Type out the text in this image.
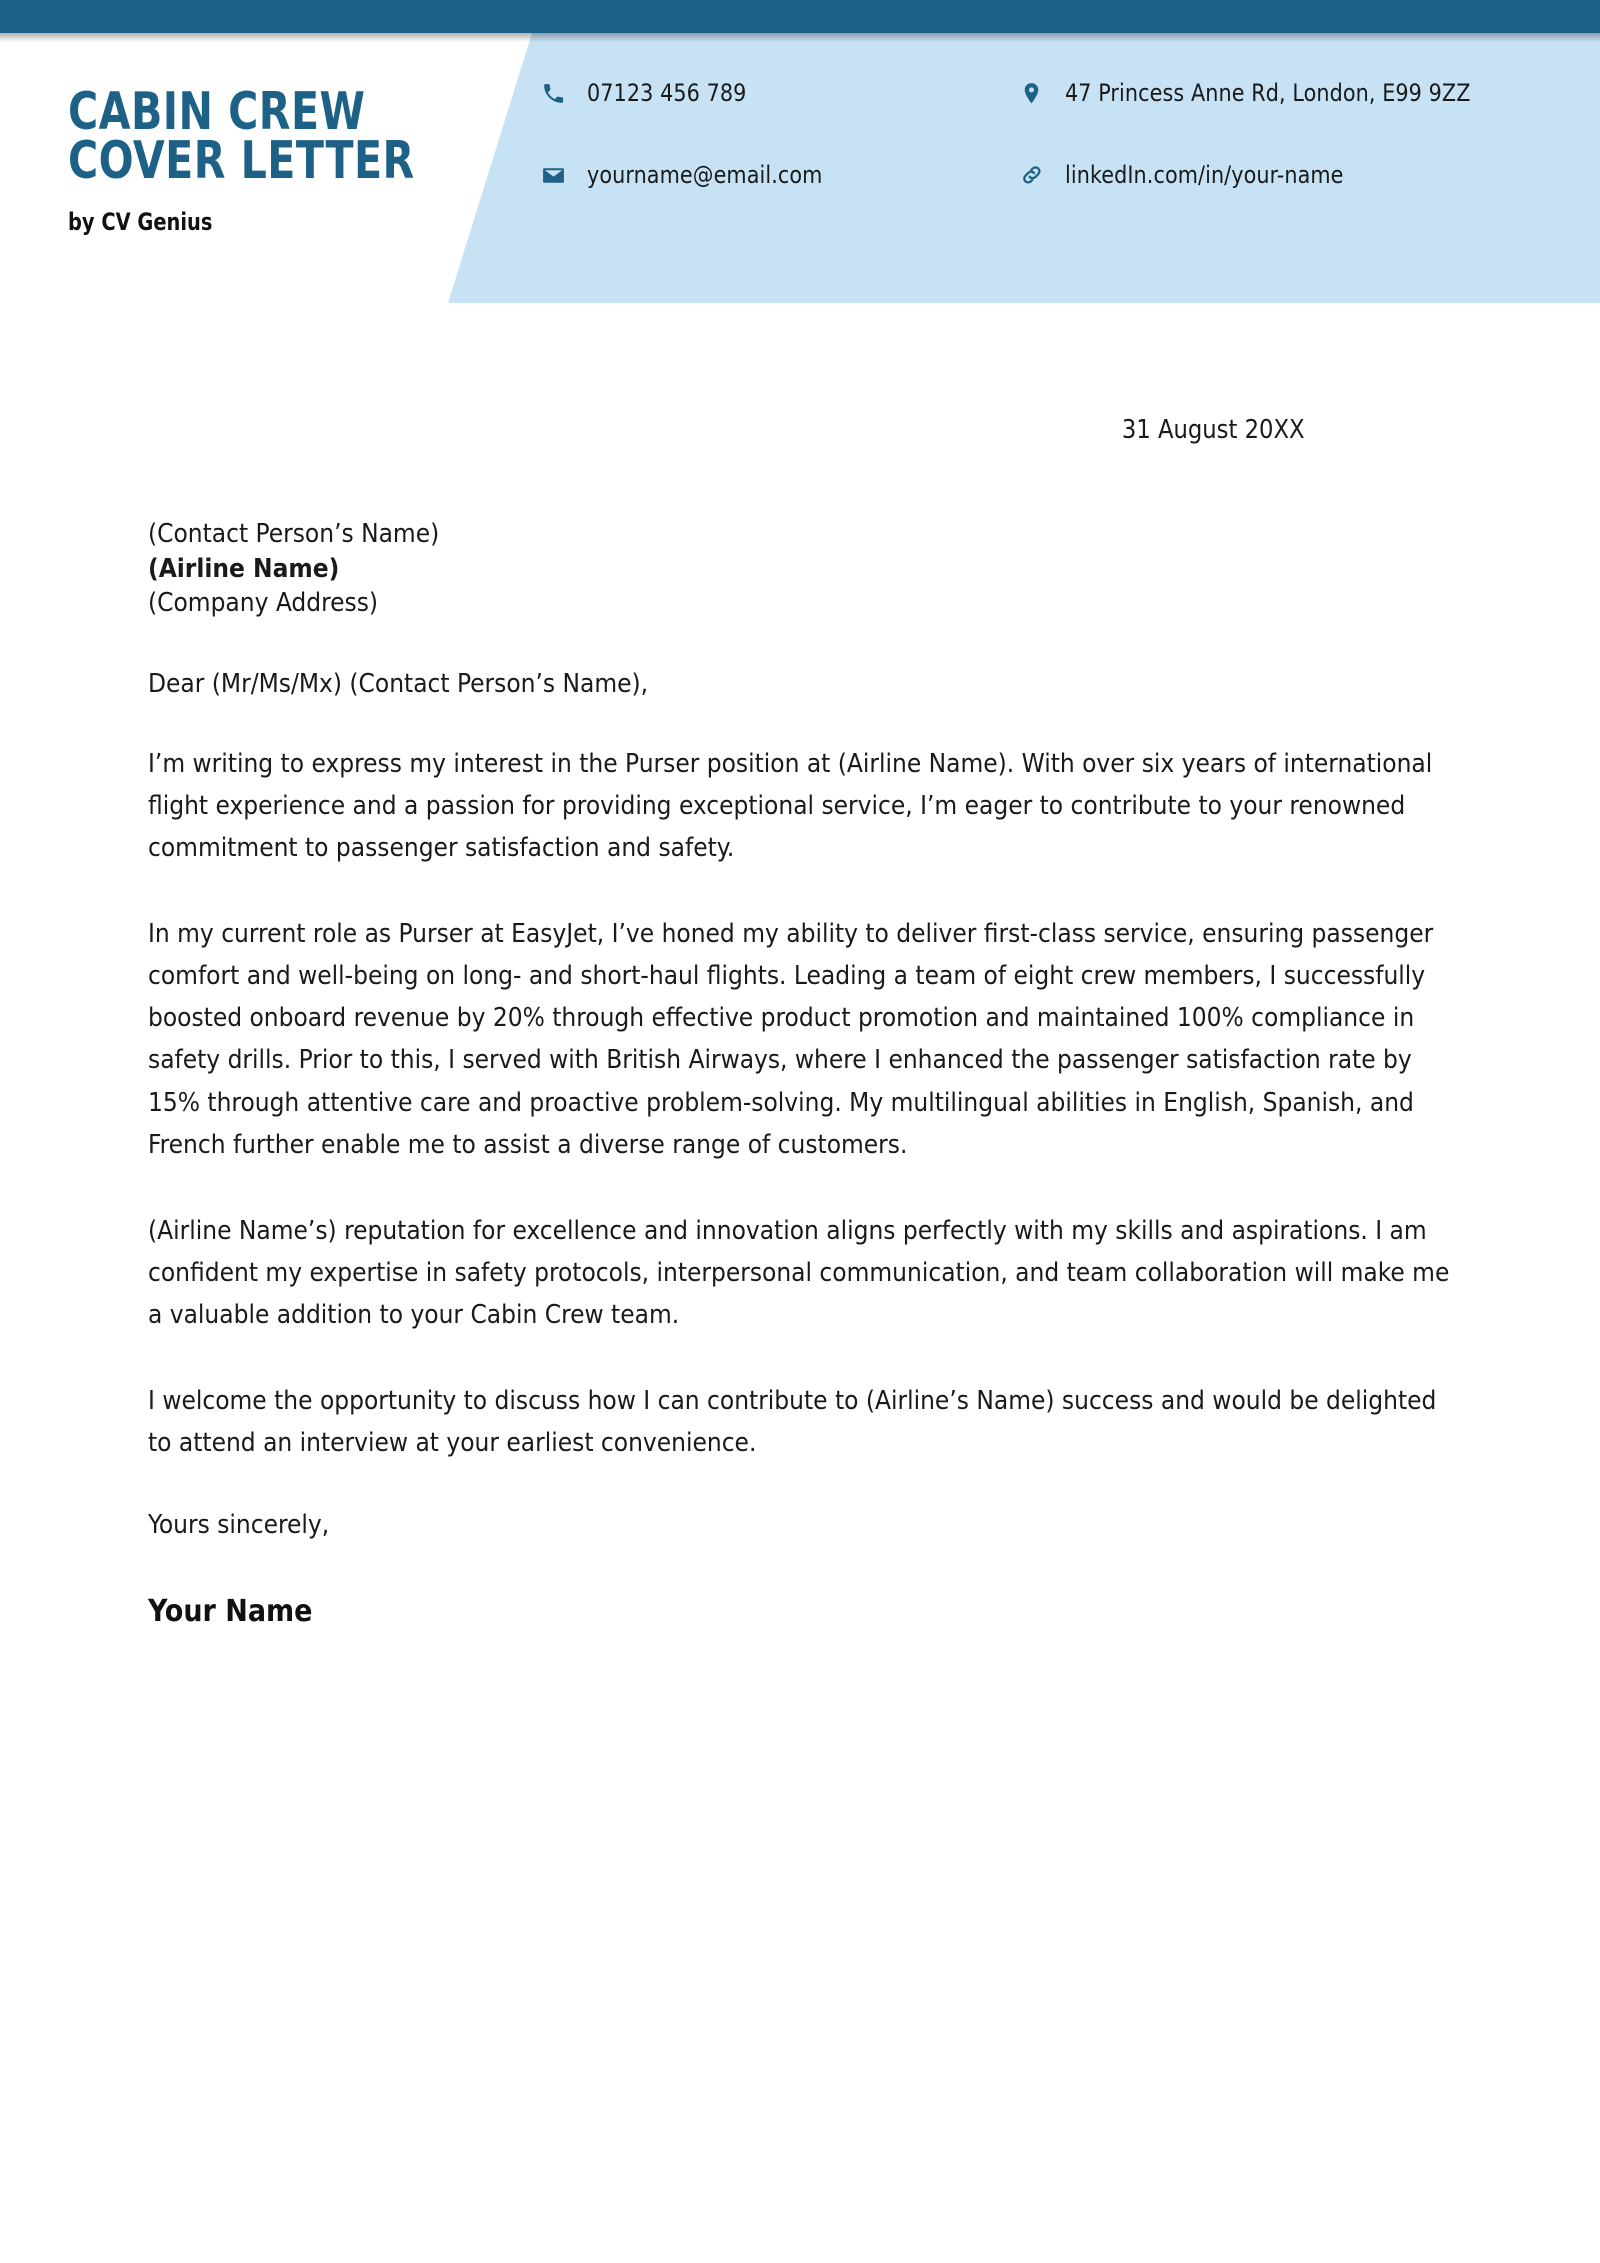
CABIN CREW
COVER LETTER
by CV Genius
07123 456 789	47 Princess Anne Rd, London, E99 9ZZ
yourname@email.com	linkedIn.com/in/your-name
31 August 20XX
(Contact Person’s Name)
(Airline Name)
(Company Address)
Dear (Mr/Ms/Mx) (Contact Person’s Name),

I’m writing to express my interest in the Purser position at (Airline Name). With over six years of international flight experience and a passion for providing exceptional service, I’m eager to contribute to your renowned commitment to passenger satisfaction and safety.

In my current role as Purser at EasyJet, I’ve honed my ability to deliver first-class service, ensuring passenger comfort and well-being on long- and short-haul flights. Leading a team of eight crew members, I successfully boosted onboard revenue by 20% through effective product promotion and maintained 100% compliance in safety drills. Prior to this, I served with British Airways, where I enhanced the passenger satisfaction rate by 15% through attentive care and proactive problem-solving. My multilingual abilities in English, Spanish, and French further enable me to assist a diverse range of customers.

(Airline Name’s) reputation for excellence and innovation aligns perfectly with my skills and aspirations. I am confident my expertise in safety protocols, interpersonal communication, and team collaboration will make me a valuable addition to your Cabin Crew team.

I welcome the opportunity to discuss how I can contribute to (Airline’s Name) success and would be delighted to attend an interview at your earliest convenience.

Yours sincerely,
Your Name
